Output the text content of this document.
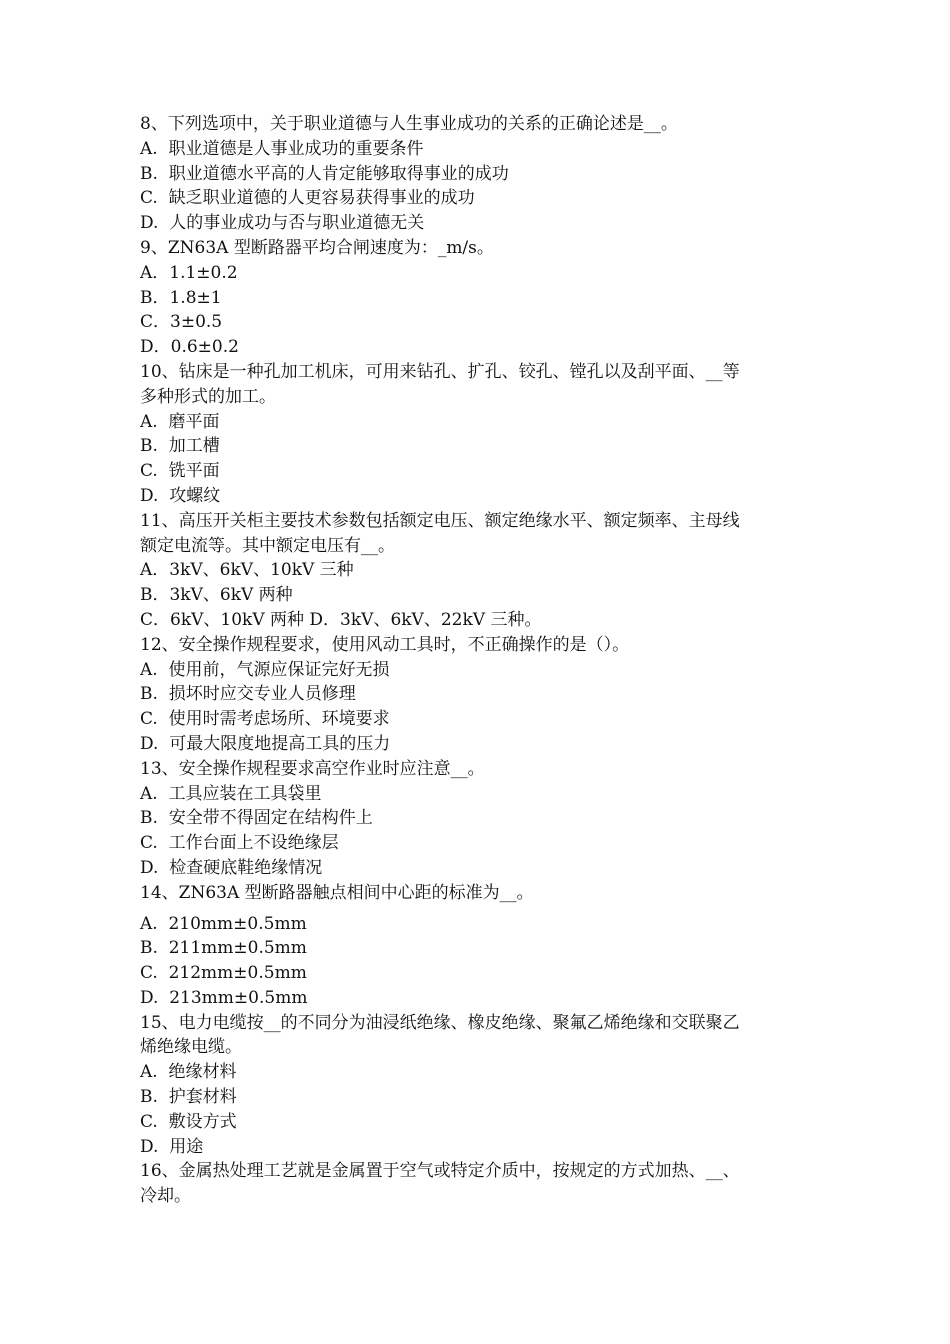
8、下列选项中，关于职业道德与人生事业成功的关系的正确论述是__。

A.  职业道德是人事业成功的重要条件

B.  职业道德水平高的人肯定能够取得事业的成功

C.  缺乏职业道德的人更容易获得事业的成功

D.  人的事业成功与否与职业道德无关

9、ZN63A 型断路器平均合闸速度为：_m/s。

A．1.1±0.2

B．1.8±1

C．3±0.5

D．0.6±0.2

10、钻床是一种孔加工机床，可用来钻孔、扩孔、铰孔、镗孔以及刮平面、__等

多种形式的加工。

A.  磨平面

B.  加工槽

C.  铣平面

D.  攻螺纹

11、高压开关柜主要技术参数包括额定电压、额定绝缘水平、额定频率、主母线

额定电流等。其中额定电压有__。

A．3kV、6kV、10kV 三种

B．3kV、6kV 两种

C．6kV、10kV 两种 D．3kV、6kV、22kV 三种。

12、安全操作规程要求，使用风动工具时，不正确操作的是（）。

A.  使用前，气源应保证完好无损

B.  损坏时应交专业人员修理

C.  使用时需考虑场所、环境要求

D.  可最大限度地提高工具的压力

13、安全操作规程要求高空作业时应注意__。

A.  工具应装在工具袋里

B.  安全带不得固定在结构件上

C.  工作台面上不设绝缘层

D.  检查硬底鞋绝缘情况

14、ZN63A 型断路器触点相间中心距的标准为__。

A.  210mm±0.5mm

B.  211mm±0.5mm

C.  212mm±0.5mm

D.  213mm±0.5mm

15、电力电缆按__的不同分为油浸纸绝缘、橡皮绝缘、聚氟乙烯绝缘和交联聚乙

烯绝缘电缆。

A.  绝缘材料

B.  护套材料

C.  敷设方式

D.  用途

16、金属热处理工艺就是金属置于空气或特定介质中，按规定的方式加热、__、

冷却。
